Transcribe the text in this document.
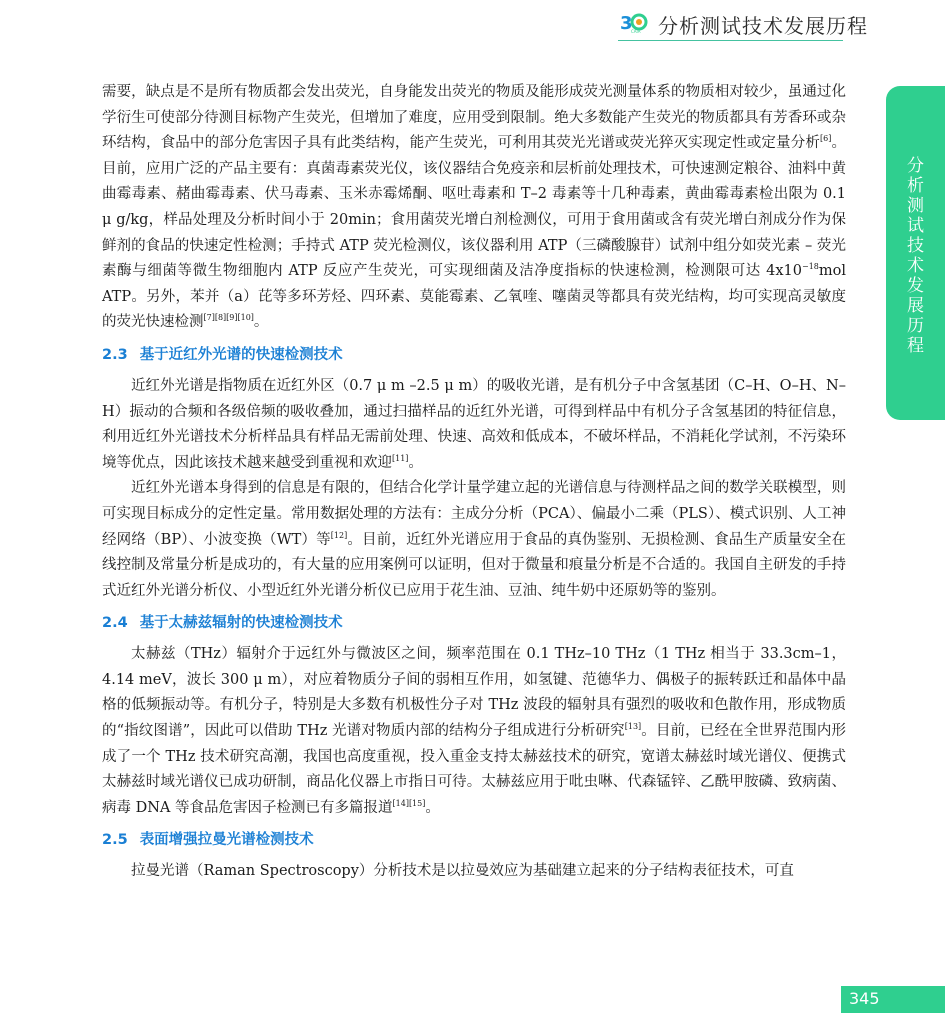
3
CAIA 分析测试技术发展历程
分析测试技术发展历程

需要，缺点是不是所有物质都会发出荧光，自身能发出荧光的物质及能形成荧光测量体系的物质相对较少，虽通过化学衍生可使部分待测目标物产生荧光，但增加了难度，应用受到限制。绝大多数能产生荧光的物质都具有芳香环或杂环结构，食品中的部分危害因子具有此类结构，能产生荧光，可利用其荧光光谱或荧光猝灭实现定性或定量分析[6]。目前，应用广泛的产品主要有：真菌毒素荧光仪，该仪器结合免疫亲和层析前处理技术，可快速测定粮谷、油料中黄曲霉毒素、赭曲霉毒素、伏马毒素、玉米赤霉烯酮、呕吐毒素和 T–2 毒素等十几种毒素，黄曲霉毒素检出限为 0.1 μ g/kg，样品处理及分析时间小于 20min；食用菌荧光增白剂检测仪，可用于食用菌或含有荧光增白剂成分作为保鲜剂的食品的快速定性检测；手持式 ATP 荧光检测仪，该仪器利用 ATP（三磷酸腺苷）试剂中组分如荧光素 – 荧光素酶与细菌等微生物细胞内 ATP 反应产生荧光，可实现细菌及洁净度指标的快速检测，检测限可达 $4x10^{-18}mol$ ATP。另外，苯并（a）芘等多环芳烃、四环素、莫能霉素、乙氧喹、噻菌灵等都具有荧光结构，均可实现高灵敏度的荧光快速检测[7][8][9][10]。

2.3 基于近红外光谱的快速检测技术

近红外光谱是指物质在近红外区（0.7 μ m –2.5 μ m）的吸收光谱，是有机分子中含氢基团（C–H、O–H、N–H）振动的合频和各级倍频的吸收叠加，通过扫描样品的近红外光谱，可得到样品中有机分子含氢基团的特征信息，利用近红外光谱技术分析样品具有样品无需前处理、快速、高效和低成本，不破坏样品，不消耗化学试剂，不污染环境等优点，因此该技术越来越受到重视和欢迎[11]。

近红外光谱本身得到的信息是有限的，但结合化学计量学建立起的光谱信息与待测样品之间的数学关联模型，则可实现目标成分的定性定量。常用数据处理的方法有：主成分分析（PCA）、偏最小二乘（PLS）、模式识别、人工神经网络（BP）、小波变换（WT）等[12]。目前，近红外光谱应用于食品的真伪鉴别、无损检测、食品生产质量安全在线控制及常量分析是成功的，有大量的应用案例可以证明，但对于微量和痕量分析是不合适的。我国自主研发的手持式近红外光谱分析仪、小型近红外光谱分析仪已应用于花生油、豆油、纯牛奶中还原奶等的鉴别。

2.4 基于太赫兹辐射的快速检测技术

太赫兹（THz）辐射介于远红外与微波区之间，频率范围在 0.1 THz–10 THz（1 THz 相当于 33.3cm–1，4.14 meV，波长 300 μ m），对应着物质分子间的弱相互作用，如氢键、范德华力、偶极子的振转跃迁和晶体中晶格的低频振动等。有机分子，特别是大多数有机极性分子对 THz 波段的辐射具有强烈的吸收和色散作用，形成物质的“指纹图谱”，因此可以借助 THz 光谱对物质内部的结构分子组成进行分析研究[13]。目前，已经在全世界范围内形成了一个 THz 技术研究高潮，我国也高度重视，投入重金支持太赫兹技术的研究，宽谱太赫兹时域光谱仪、便携式太赫兹时域光谱仪已成功研制，商品化仪器上市指日可待。太赫兹应用于吡虫啉、代森锰锌、乙酰甲胺磷、致病菌、病毒 DNA 等食品危害因子检测已有多篇报道[14][15]。

2.5 表面增强拉曼光谱检测技术

拉曼光谱（Raman Spectroscopy）分析技术是以拉曼效应为基础建立起来的分子结构表征技术，可直

345
